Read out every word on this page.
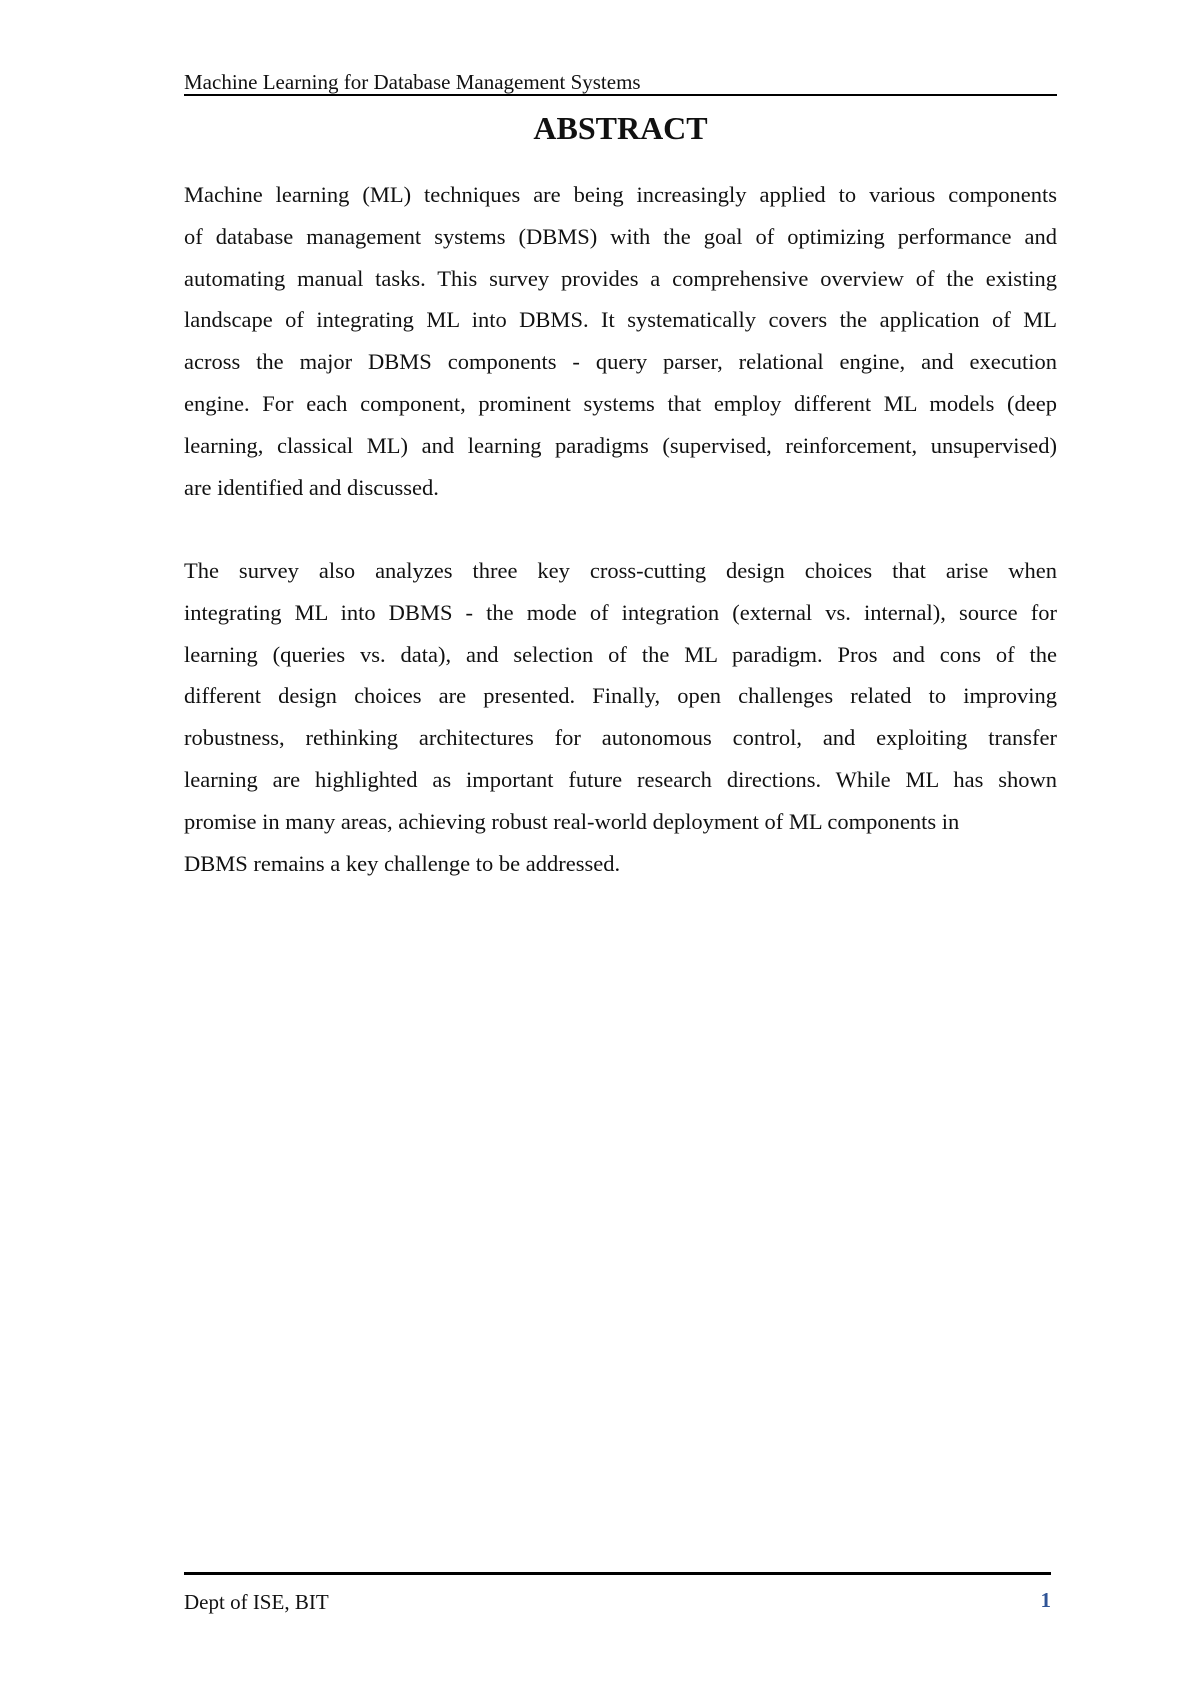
Machine Learning for Database Management Systems
ABSTRACT
Machine learning (ML) techniques are being increasingly applied to various components
of database management systems (DBMS) with the goal of optimizing performance and
automating manual tasks. This survey provides a comprehensive overview of the existing
landscape of integrating ML into DBMS. It systematically covers the application of ML
across the major DBMS components - query parser, relational engine, and execution
engine. For each component, prominent systems that employ different ML models (deep
learning, classical ML) and learning paradigms (supervised, reinforcement, unsupervised)
are identified and discussed.
The survey also analyzes three key cross-cutting design choices that arise when
integrating ML into DBMS - the mode of integration (external vs. internal), source for
learning (queries vs. data), and selection of the ML paradigm. Pros and cons of the
different design choices are presented. Finally, open challenges related to improving
robustness, rethinking architectures for autonomous control, and exploiting transfer
learning are highlighted as important future research directions. While ML has shown
promise in many areas, achieving robust real-world deployment of ML components in
DBMS remains a key challenge to be addressed.
Dept of ISE, BIT	1
